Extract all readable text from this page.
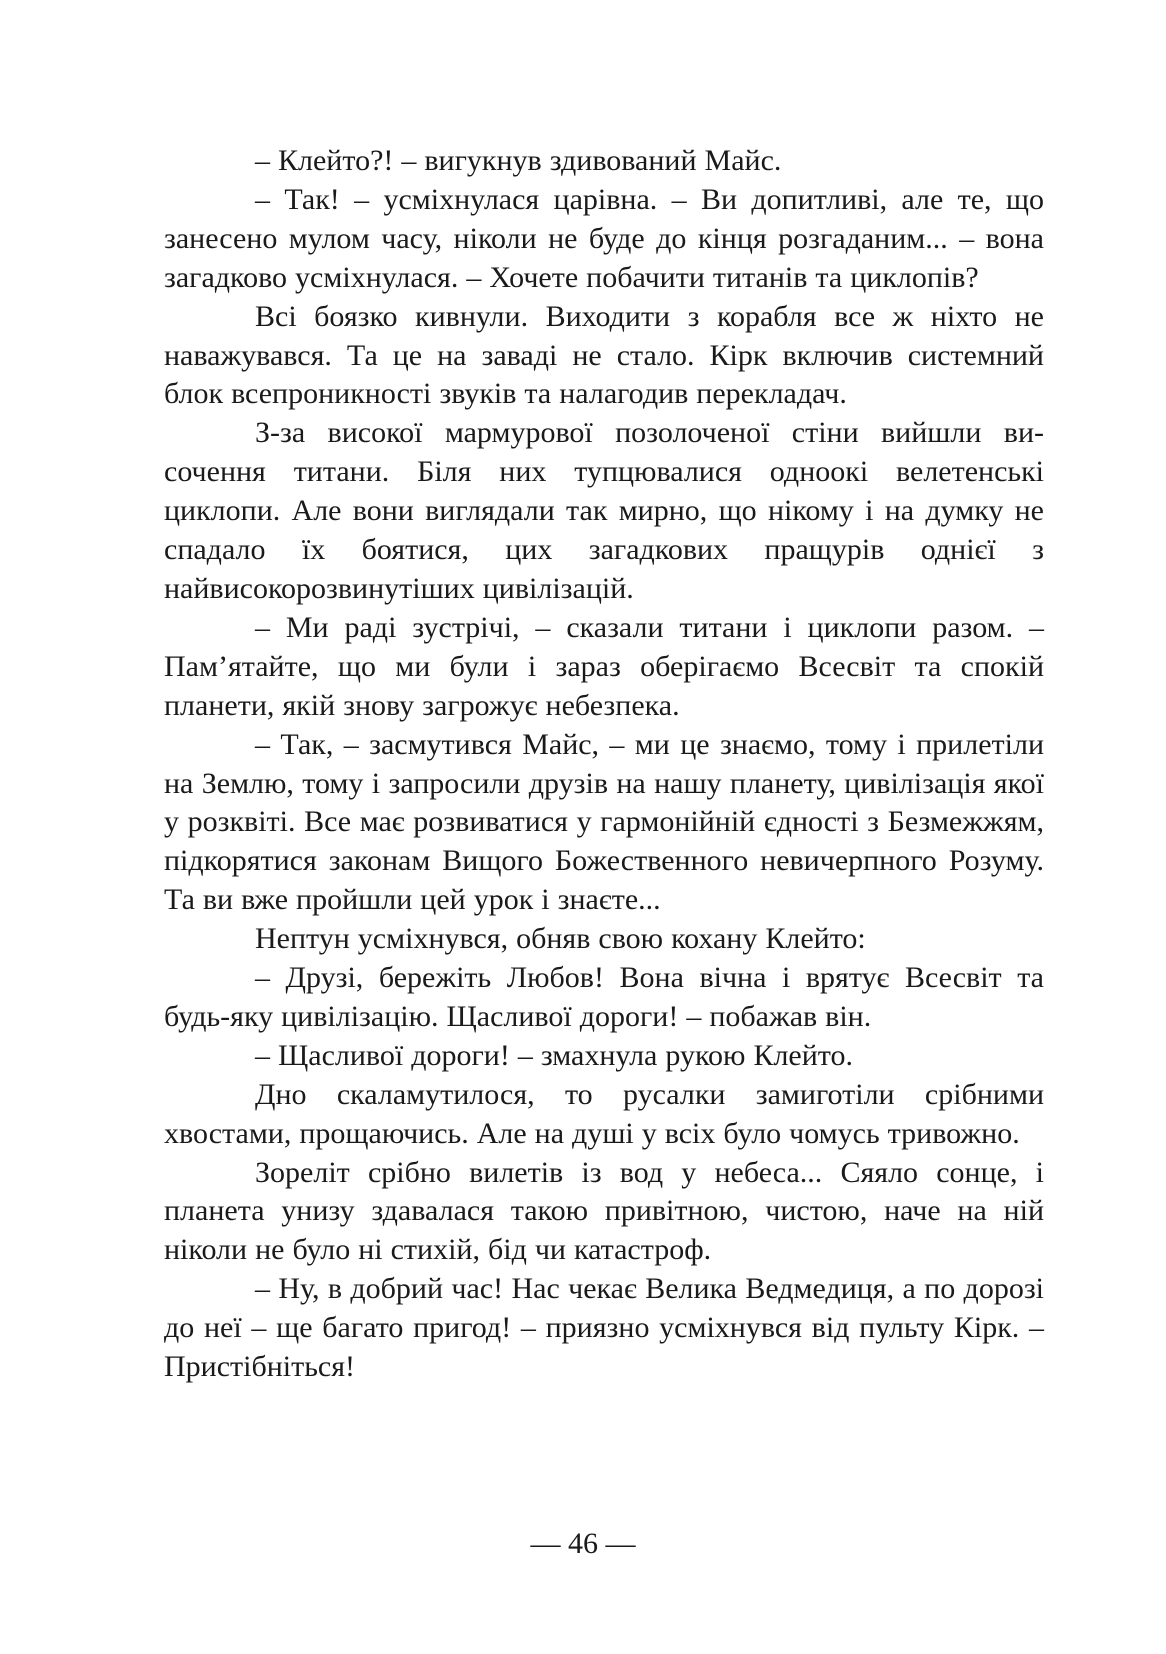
– Клейто?! – вигукнув здивований Майс.

– Так! – усміхнулася царівна. – Ви допитливі, але те, що занесено мулом часу, ніколи не буде до кінця розгаданим... – вона загадково усміхнулася. – Хочете побачити титанів та циклопів?

Всі боязко кивнули. Виходити з корабля все ж ніхто не наважувався. Та це на заваді не стало. Кірк включив системний блок всепроникності звуків та налагодив перекладач.

З-за високої мармурової позолоченої стіни вийшли височення титани. Біля них тупцювалися одноокі велетенські циклопи. Але вони виглядали так мирно, що нікому і на думку не спадало їх боятися, цих загадкових пращурів однієї з найвисокорозвинутіших цивілізацій.

– Ми раді зустрічі, – сказали титани і циклопи разом. – Пам’ятайте, що ми були і зараз оберігаємо Всесвіт та спокій планети, якій знову загрожує небезпека.

– Так, – засмутився Майс, – ми це знаємо, тому і прилетіли на Землю, тому і запросили друзів на нашу планету, цивілізація якої у розквіті. Все має розвиватися у гармонійній єдності з Безмежжям, підкорятися законам Вищого Божественного невичерпного Розуму. Та ви вже пройшли цей урок і знаєте...

Нептун усміхнувся, обняв свою кохану Клейто:

– Друзі, бережіть Любов! Вона вічна і врятує Всесвіт та будь-яку цивілізацію. Щасливої дороги! – побажав він.

– Щасливої дороги! – змахнула рукою Клейто.

Дно скаламутилося, то русалки замиготіли срібними хвостами, прощаючись. Але на душі у всіх було чомусь тривожно.

Зореліт срібно вилетів із вод у небеса... Сяяло сонце, і планета унизу здавалася такою привітною, чистою, наче на ній ніколи не було ні стихій, бід чи катастроф.

– Ну, в добрий час! Нас чекає Велика Ведмедиця, а по дорозі до неї – ще багато пригод! – приязно усміхнувся від пульту Кірк. – Пристібніться!

— 46 —
